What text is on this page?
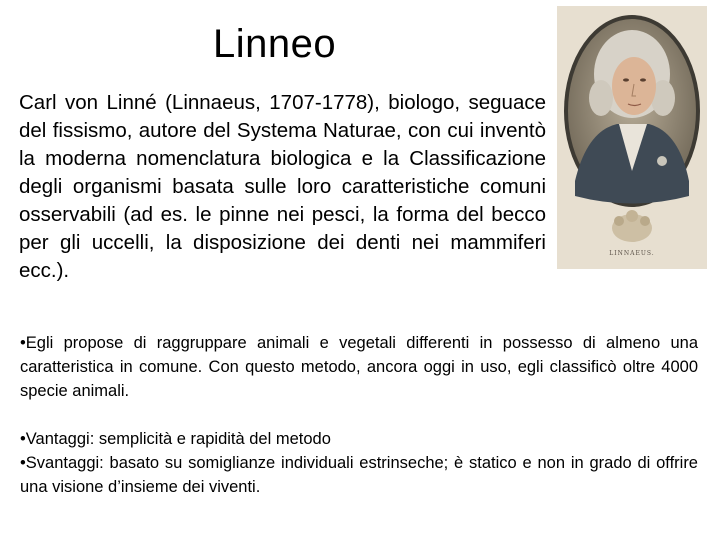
Linneo
Carl von Linné (Linnaeus, 1707-1778), biologo, seguace del fissismo, autore del Systema Naturae, con cui inventò la moderna nomenclatura biologica e la Classificazione degli organismi basata sulle loro caratteristiche comuni osservabili (ad es. le pinne nei pesci, la forma del becco per gli uccelli, la disposizione dei denti nei mammiferi ecc.).
LINNAEUS.

•Egli propose di raggruppare animali e vegetali differenti in possesso di almeno una caratteristica in comune. Con questo metodo, ancora oggi in uso, egli classificò oltre 4000 specie animali.

•Vantaggi: semplicità e rapidità del metodo

•Svantaggi: basato su somiglianze individuali estrinseche; è statico e non in grado di offrire una visione d’insieme dei viventi.
